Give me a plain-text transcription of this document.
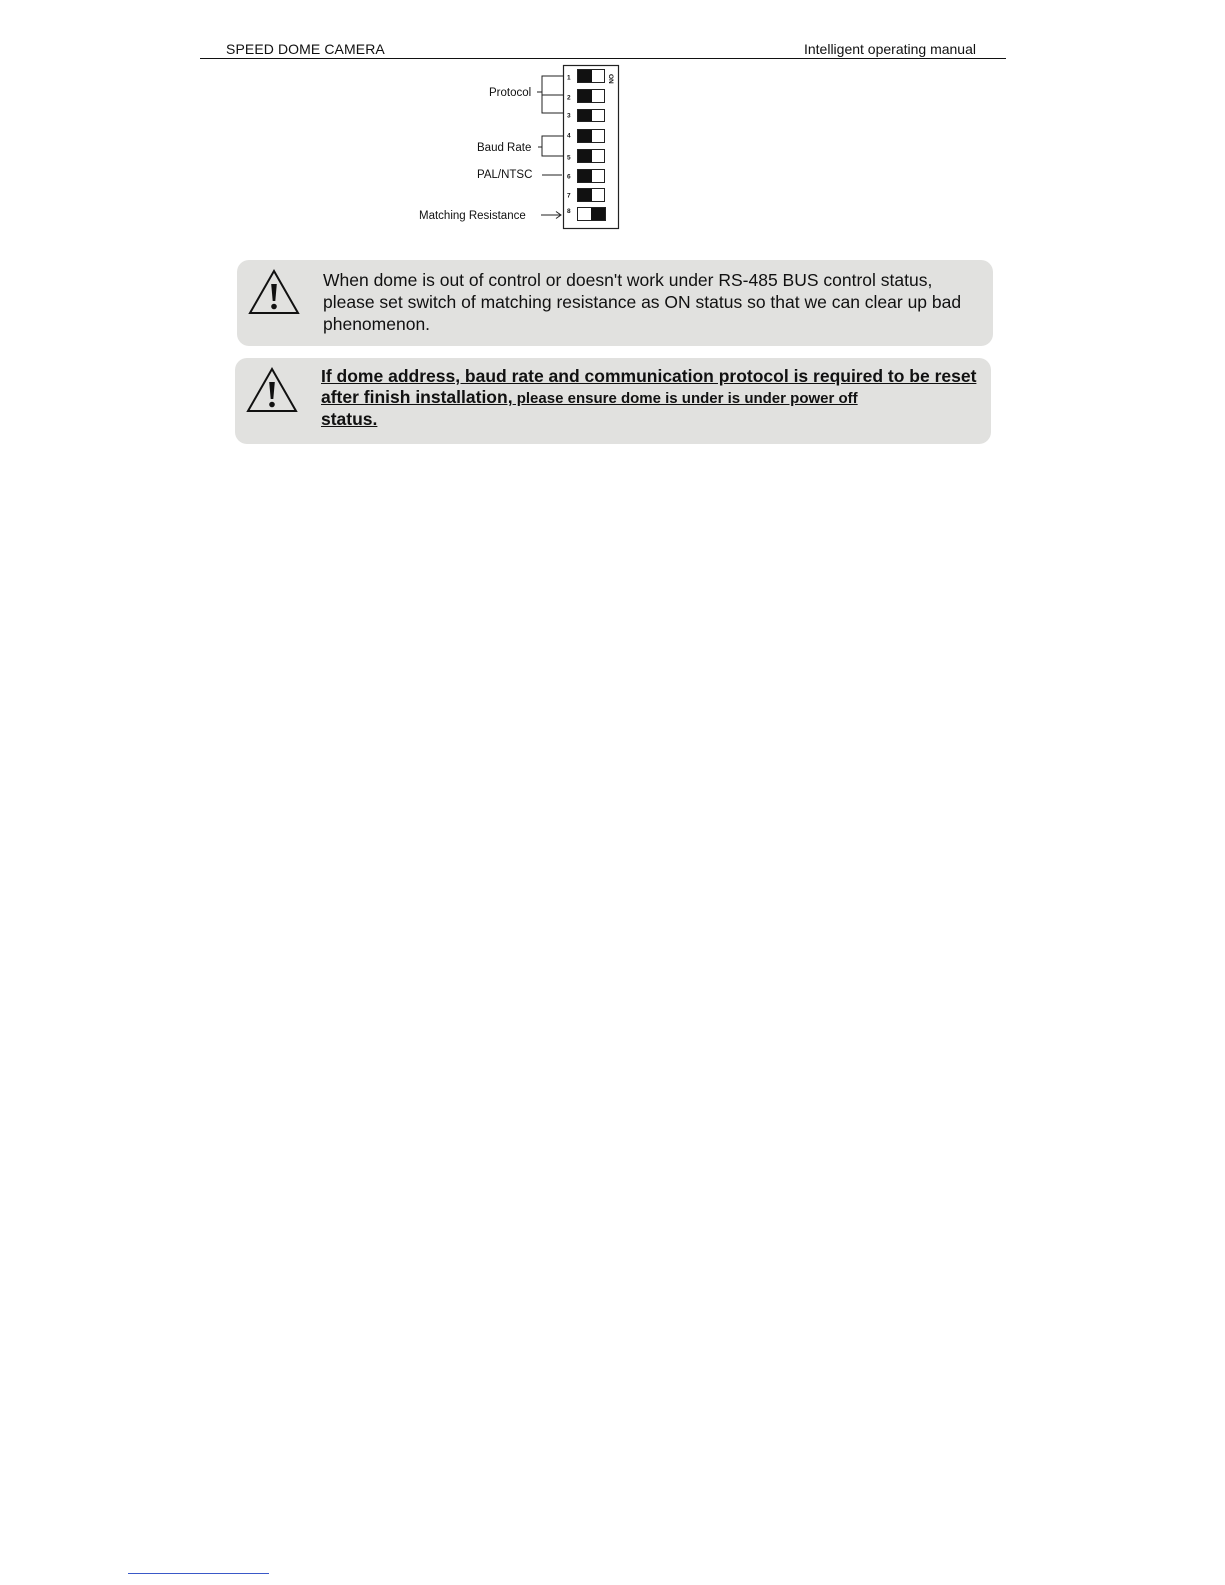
SPEED DOME CAMERA	Intelligent operating manual
ON
1
2
3
4
5
6
7
8
Protocol
Baud Rate
PAL/NTSC
Matching Resistance
When dome is out of control or doesn't work under RS-485 BUS control status, please set switch of matching resistance as ON status so that we can clear up bad phenomenon.
If dome address, baud rate and communication protocol is required to be reset after finish installation, please ensure dome is under is under power off
status.
